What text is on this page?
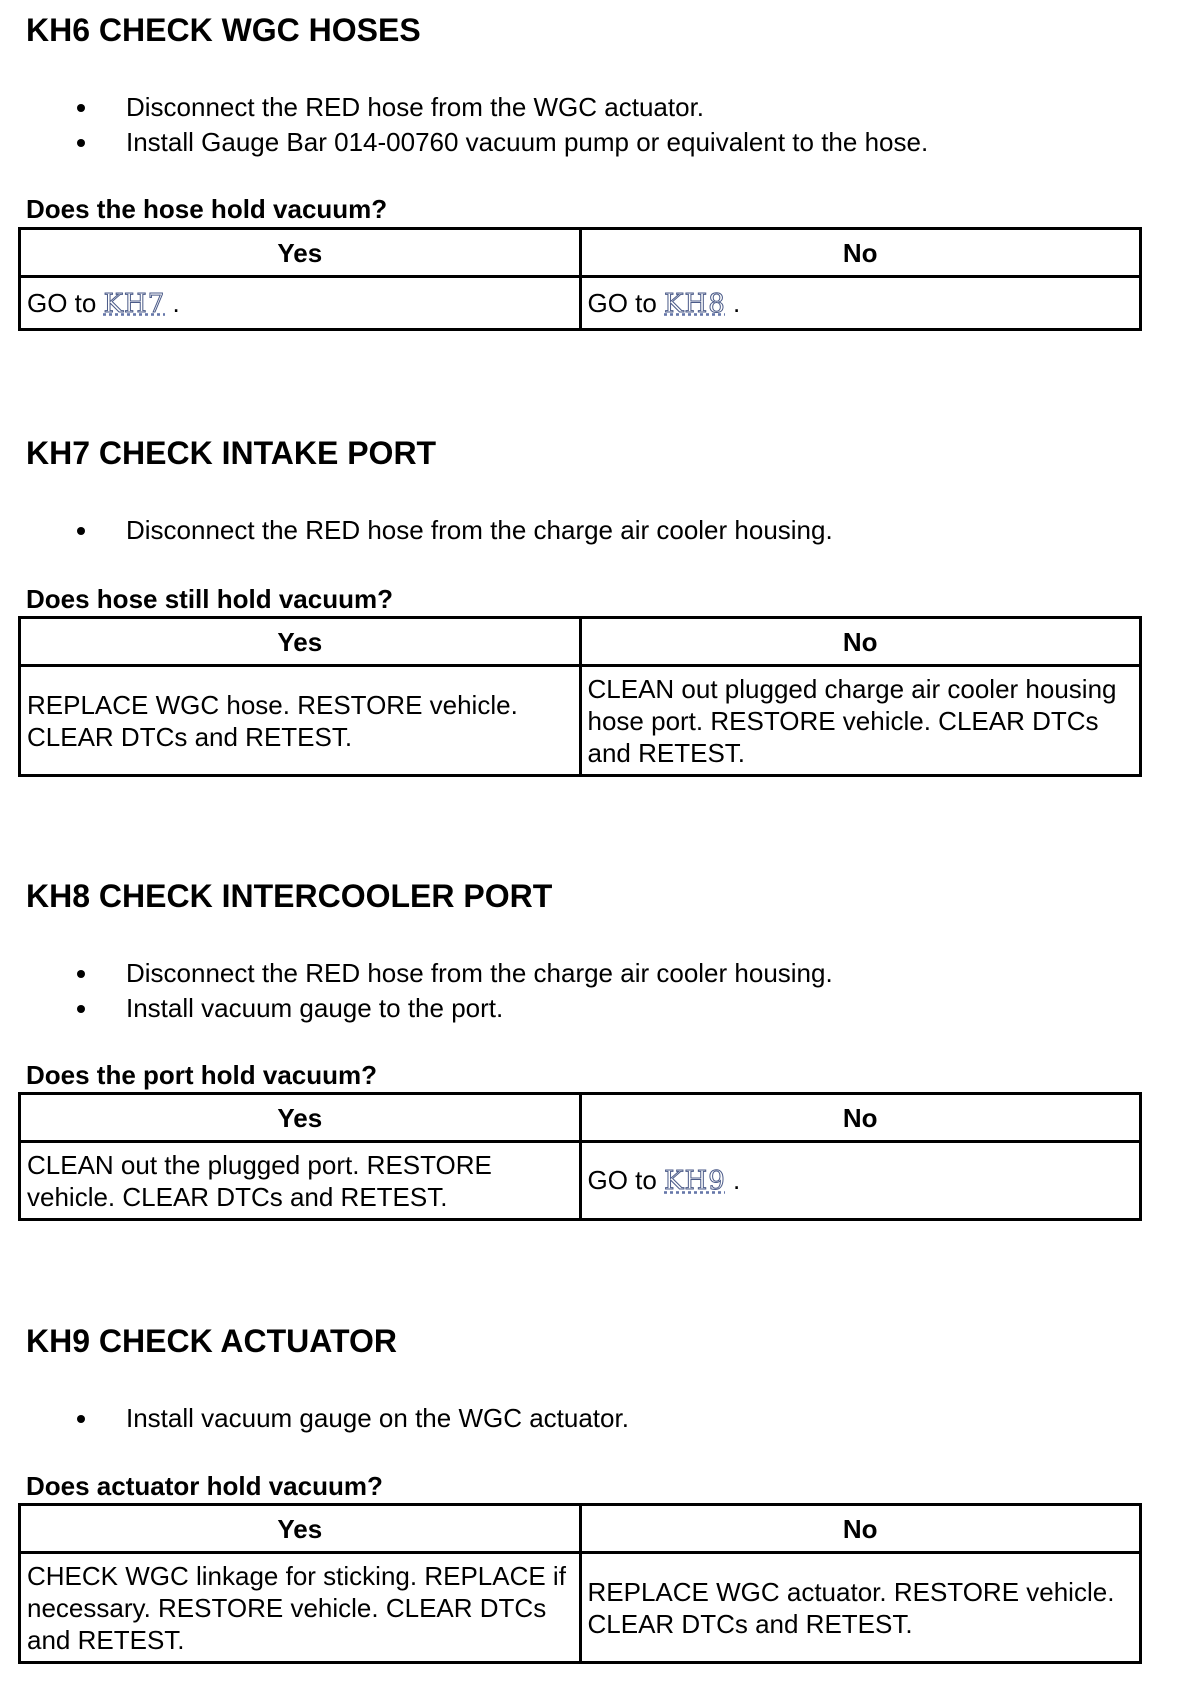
KH6 CHECK WGC HOSES
Disconnect the RED hose from the WGC actuator.
Install Gauge Bar 014-00760 vacuum pump or equivalent to the hose.

Does the hose hold vacuum?

Yes	No
GO to KH7 .	GO to KH8 .
KH7 CHECK INTAKE PORT
Disconnect the RED hose from the charge air cooler housing.

Does hose still hold vacuum?

Yes	No
REPLACE WGC hose. RESTORE vehicle. CLEAR DTCs and RETEST.	CLEAN out plugged charge air cooler housing hose port. RESTORE vehicle. CLEAR DTCs and RETEST.
KH8 CHECK INTERCOOLER PORT
Disconnect the RED hose from the charge air cooler housing.
Install vacuum gauge to the port.

Does the port hold vacuum?

Yes	No
CLEAN out the plugged port. RESTORE vehicle. CLEAR DTCs and RETEST.	GO to KH9 .
KH9 CHECK ACTUATOR
Install vacuum gauge on the WGC actuator.

Does actuator hold vacuum?

Yes	No
CHECK WGC linkage for sticking. REPLACE if necessary. RESTORE vehicle. CLEAR DTCs and RETEST.	REPLACE WGC actuator. RESTORE vehicle. CLEAR DTCs and RETEST.
